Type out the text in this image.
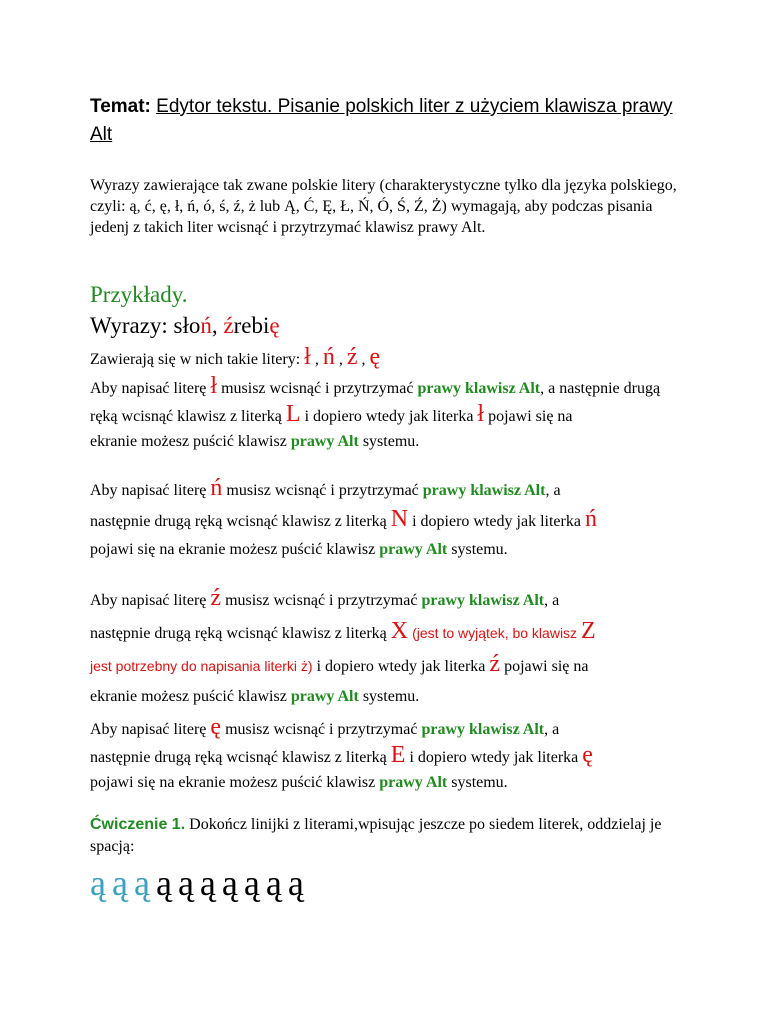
Temat: Edytor tekstu. Pisanie polskich liter z użyciem klawisza prawy Alt
Wyrazy zawierające tak zwane polskie litery (charakterystyczne tylko dla języka polskiego, czyli: ą, ć, ę, ł, ń, ó, ś, ź, ż lub Ą, Ć, Ę, Ł, Ń, Ó, Ś, Ź, Ż) wymagają, aby podczas pisania jedenj z takich liter wcisnąć i przytrzymać klawisz prawy Alt.
Przykłady.
Wyrazy: słoń, źrebię
Zawierają się w nich takie litery: ł , ń , ź , ę
Aby napisać literę ł musisz wcisnąć i przytrzymać prawy klawisz Alt, a następnie drugą ręką wcisnąć klawisz z literką L i dopiero wtedy jak literka ł pojawi się na
ekranie możesz puścić klawisz prawy Alt systemu.
Aby napisać literę ń musisz wcisnąć i przytrzymać prawy klawisz Alt, a
następnie drugą ręką wcisnąć klawisz z literką N i dopiero wtedy jak literka ń
pojawi się na ekranie możesz puścić klawisz prawy Alt systemu.
Aby napisać literę ź musisz wcisnąć i przytrzymać prawy klawisz Alt, a
następnie drugą ręką wcisnąć klawisz z literką X (jest to wyjątek, bo klawisz Z
jest potrzebny do napisania literki ż) i dopiero wtedy jak literka ź pojawi się na
ekranie możesz puścić klawisz prawy Alt systemu.
Aby napisać literę ę musisz wcisnąć i przytrzymać prawy klawisz Alt, a
następnie drugą ręką wcisnąć klawisz z literką E i dopiero wtedy jak literka ę
pojawi się na ekranie możesz puścić klawisz prawy Alt systemu.
Ćwiczenie 1. Dokończ linijki z literami,wpisując jeszcze po siedem literek, oddzielaj je spacją:
ą ą ą ą ą ą ą ą ą ą
